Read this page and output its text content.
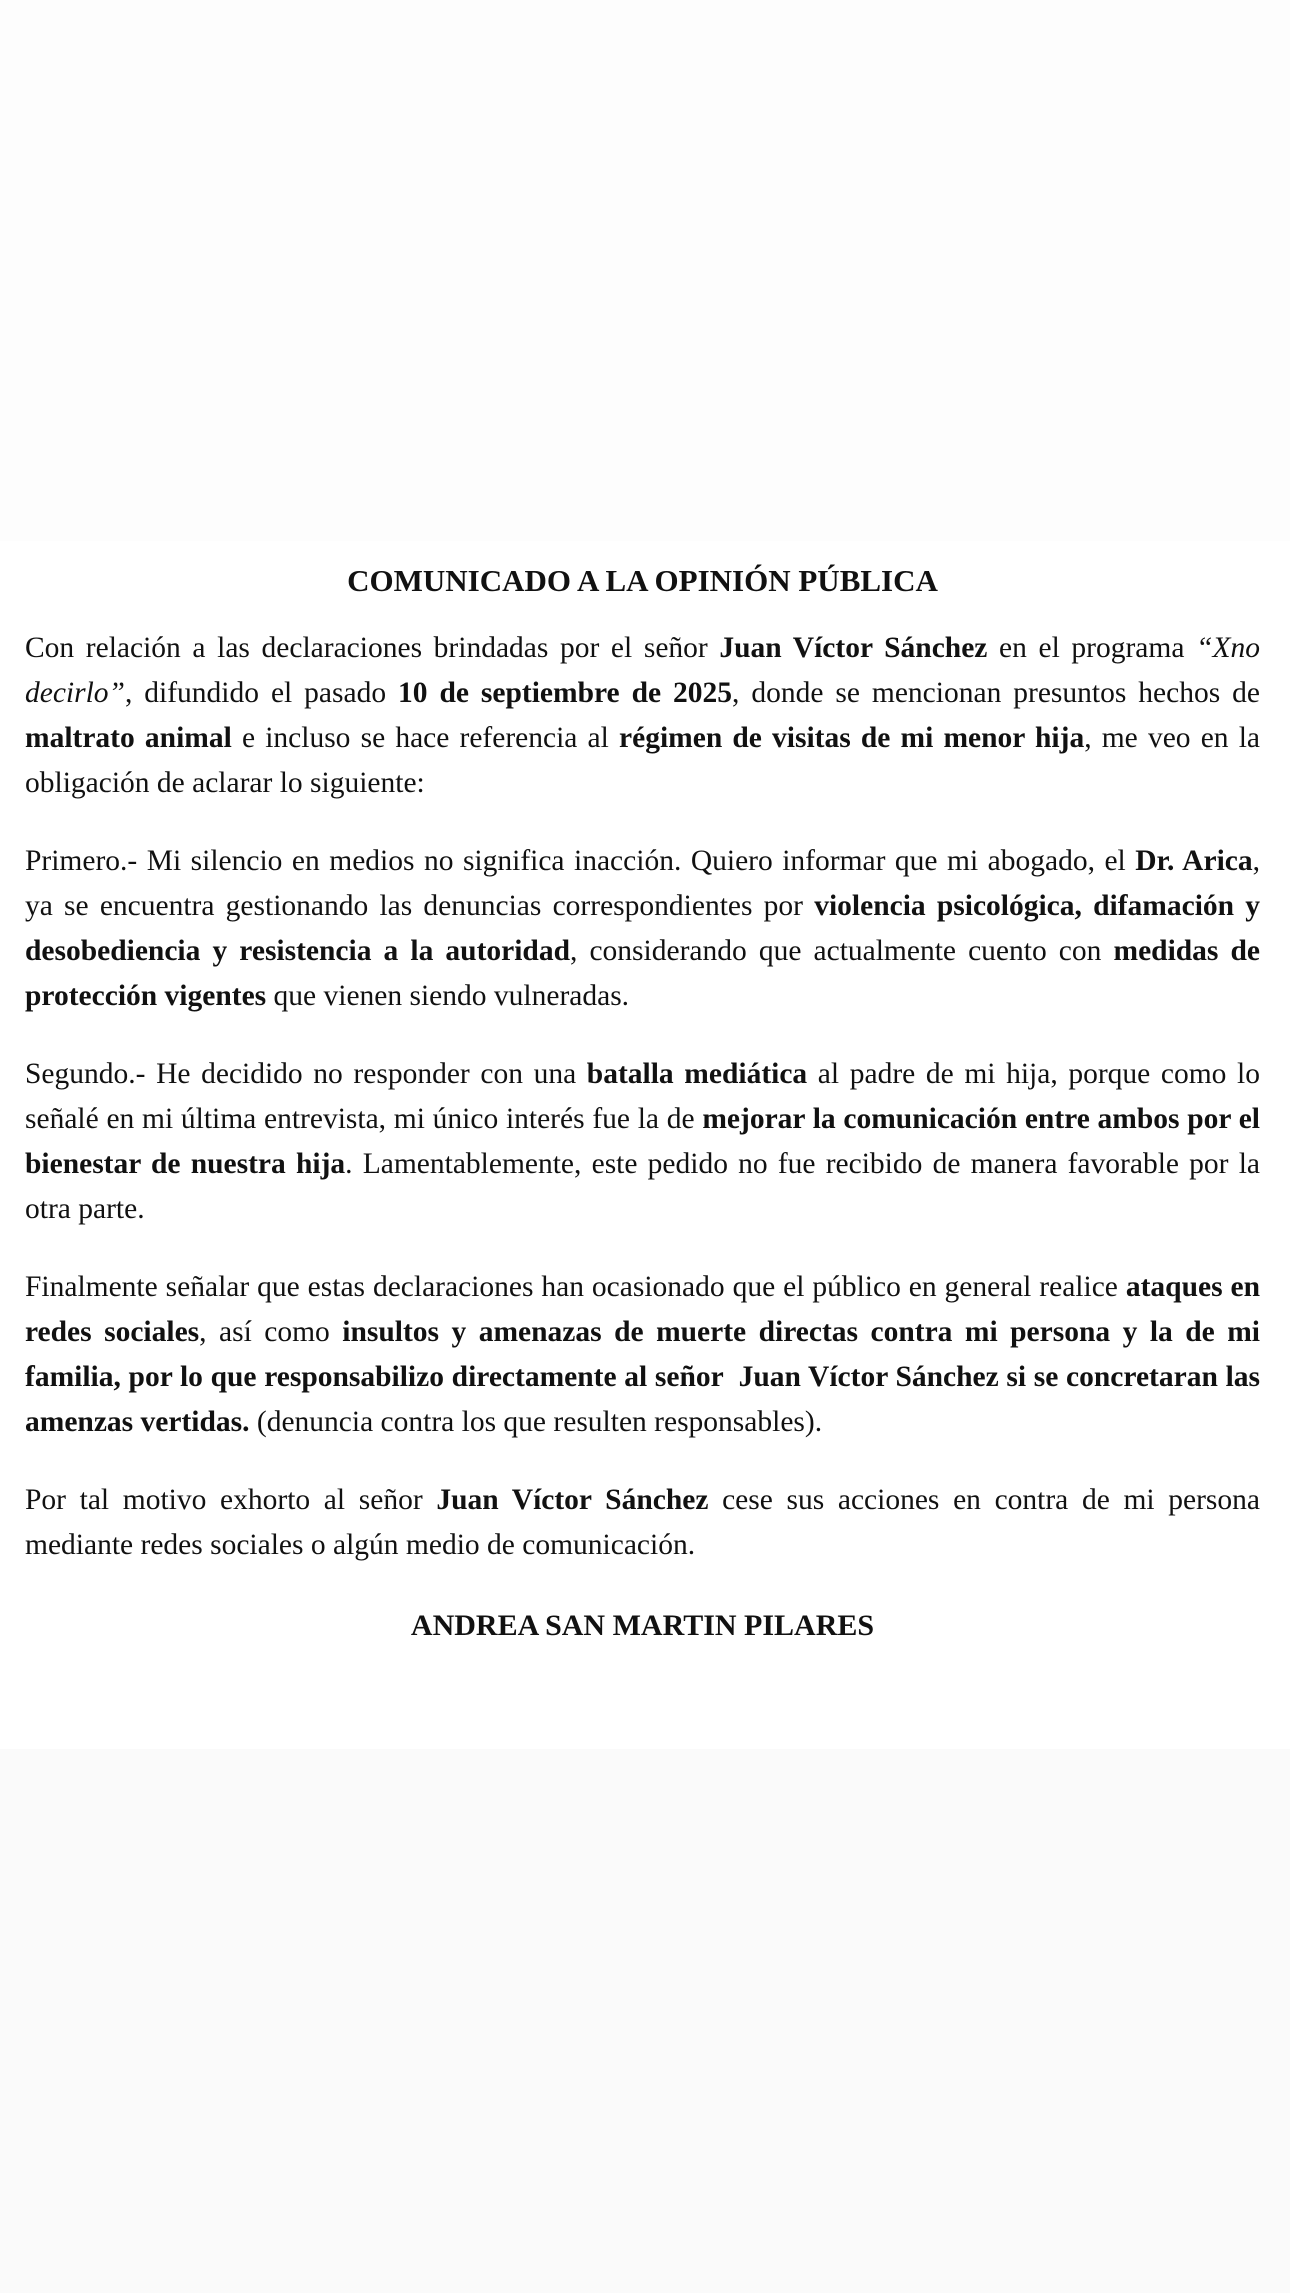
COMUNICADO A LA OPINIÓN PÚBLICA

Con relación a las declaraciones brindadas por el señor Juan Víctor Sánchez en el programa “Xno decirlo”, difundido el pasado 10 de septiembre de 2025, donde se mencionan presuntos hechos de maltrato animal e incluso se hace referencia al régimen de visitas de mi menor hija, me veo en la obligación de aclarar lo siguiente:

Primero.- Mi silencio en medios no significa inacción. Quiero informar que mi abogado, el Dr. Arica, ya se encuentra gestionando las denuncias correspondientes por violencia psicológica, difamación y desobediencia y resistencia a la autoridad, considerando que actualmente cuento con medidas de protección vigentes que vienen siendo vulneradas.

Segundo.- He decidido no responder con una batalla mediática al padre de mi hija, porque como lo señalé en mi última entrevista, mi único interés fue la de mejorar la comunicación entre ambos por el bienestar de nuestra hija. Lamentablemente, este pedido no fue recibido de manera favorable por la otra parte.

Finalmente señalar que estas declaraciones han ocasionado que el público en general realice ataques en redes sociales, así como insultos y amenazas de muerte directas contra mi persona y la de mi familia, por lo que responsabilizo directamente al señor  Juan Víctor Sánchez si se concretaran las amenzas vertidas. (denuncia contra los que resulten responsables).

Por tal motivo exhorto al señor Juan Víctor Sánchez cese sus acciones en contra de mi persona mediante redes sociales o algún medio de comunicación.

ANDREA SAN MARTIN PILARES
